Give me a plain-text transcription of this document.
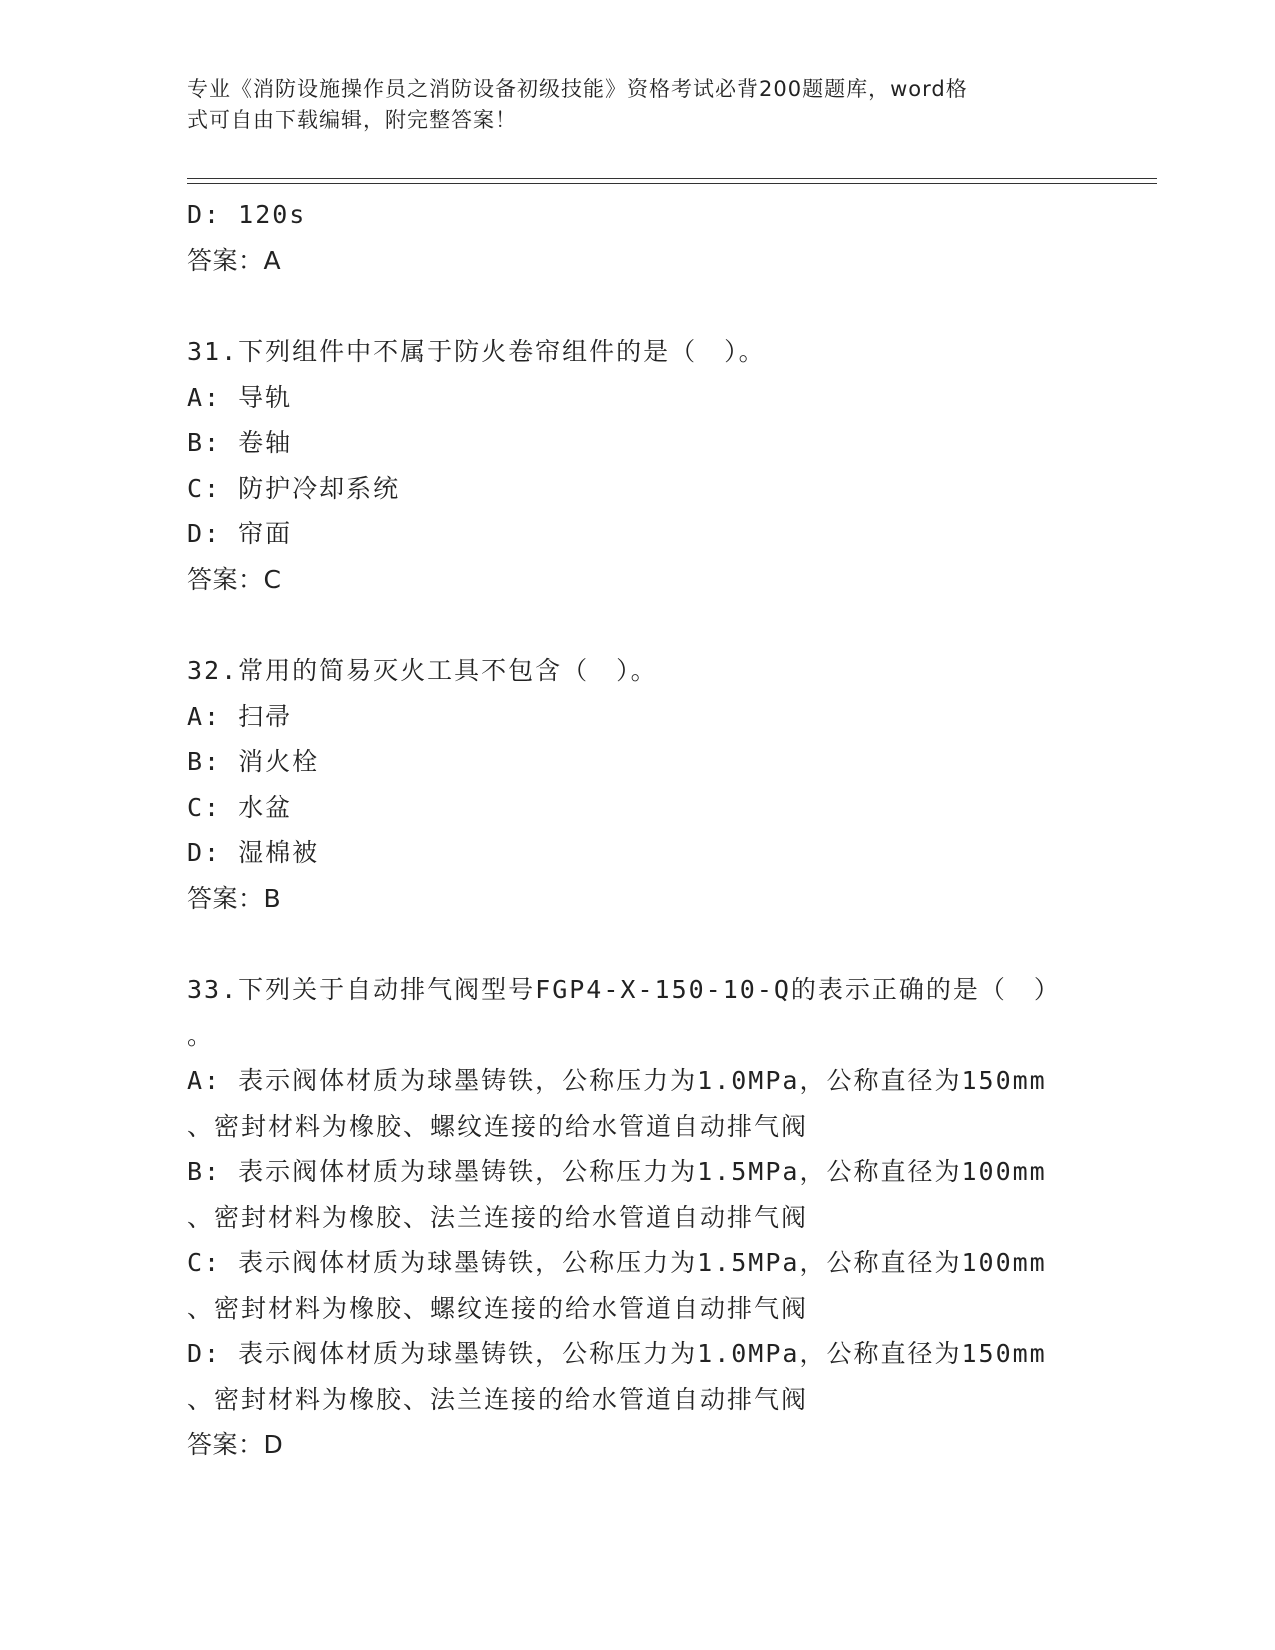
专业《消防设施操作员之消防设备初级技能》资格考试必背200题题库，word格
式可自由下载编辑，附完整答案！
D: 120s
答案：A
31.下列组件中不属于防火卷帘组件的是（　）。
A: 导轨
B: 卷轴
C: 防护冷却系统
D: 帘面
答案：C
32.常用的简易灭火工具不包含（　）。
A: 扫帚
B: 消火栓
C: 水盆
D: 湿棉被
答案：B
33.下列关于自动排气阀型号FGP4-X-150-10-Q的表示正确的是（　）
。
A: 表示阀体材质为球墨铸铁，公称压力为1.0MPa，公称直径为150mm
、密封材料为橡胶、螺纹连接的给水管道自动排气阀
B: 表示阀体材质为球墨铸铁，公称压力为1.5MPa，公称直径为100mm
、密封材料为橡胶、法兰连接的给水管道自动排气阀
C: 表示阀体材质为球墨铸铁，公称压力为1.5MPa，公称直径为100mm
、密封材料为橡胶、螺纹连接的给水管道自动排气阀
D: 表示阀体材质为球墨铸铁，公称压力为1.0MPa，公称直径为150mm
、密封材料为橡胶、法兰连接的给水管道自动排气阀
答案：D
